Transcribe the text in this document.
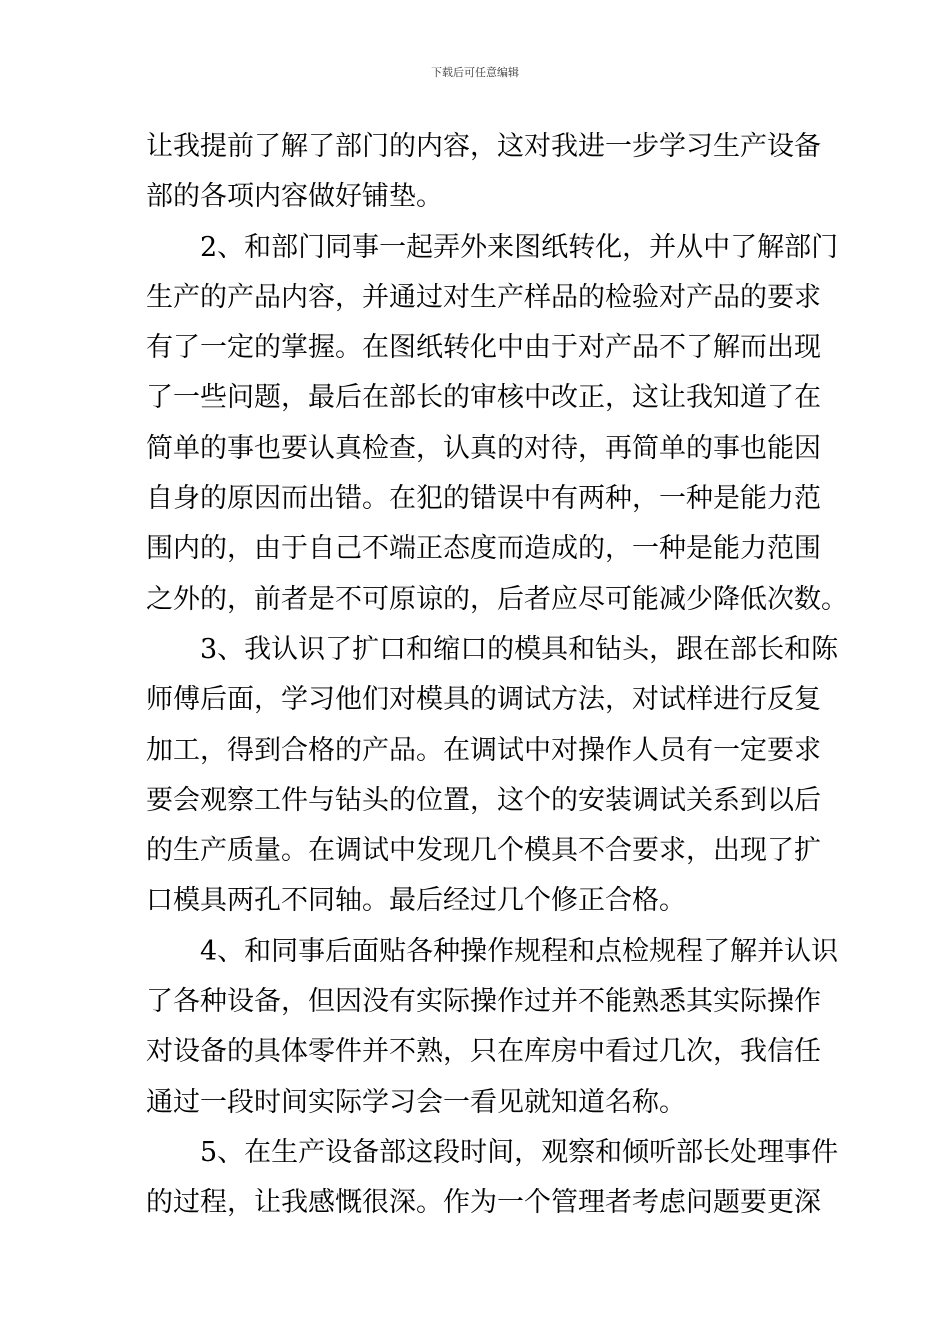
下载后可任意编辑
让我提前了解了部门的内容，这对我进一步学习生产设备
部的各项内容做好铺垫。
2、和部门同事一起弄外来图纸转化，并从中了解部门
生产的产品内容，并通过对生产样品的检验对产品的要求
有了一定的掌握。在图纸转化中由于对产品不了解而出现
了一些问题，最后在部长的审核中改正，这让我知道了在
简单的事也要认真检查，认真的对待，再简单的事也能因
自身的原因而出错。在犯的错误中有两种，一种是能力范
围内的，由于自己不端正态度而造成的，一种是能力范围
之外的，前者是不可原谅的，后者应尽可能减少降低次数。
3、我认识了扩口和缩口的模具和钻头，跟在部长和陈
师傅后面，学习他们对模具的调试方法，对试样进行反复
加工，得到合格的产品。在调试中对操作人员有一定要求
要会观察工件与钻头的位置，这个的安装调试关系到以后
的生产质量。在调试中发现几个模具不合要求，出现了扩
口模具两孔不同轴。最后经过几个修正合格。
4、和同事后面贴各种操作规程和点检规程了解并认识
了各种设备，但因没有实际操作过并不能熟悉其实际操作
对设备的具体零件并不熟，只在库房中看过几次，我信任
通过一段时间实际学习会一看见就知道名称。
5、在生产设备部这段时间，观察和倾听部长处理事件
的过程，让我感慨很深。作为一个管理者考虑问题要更深
